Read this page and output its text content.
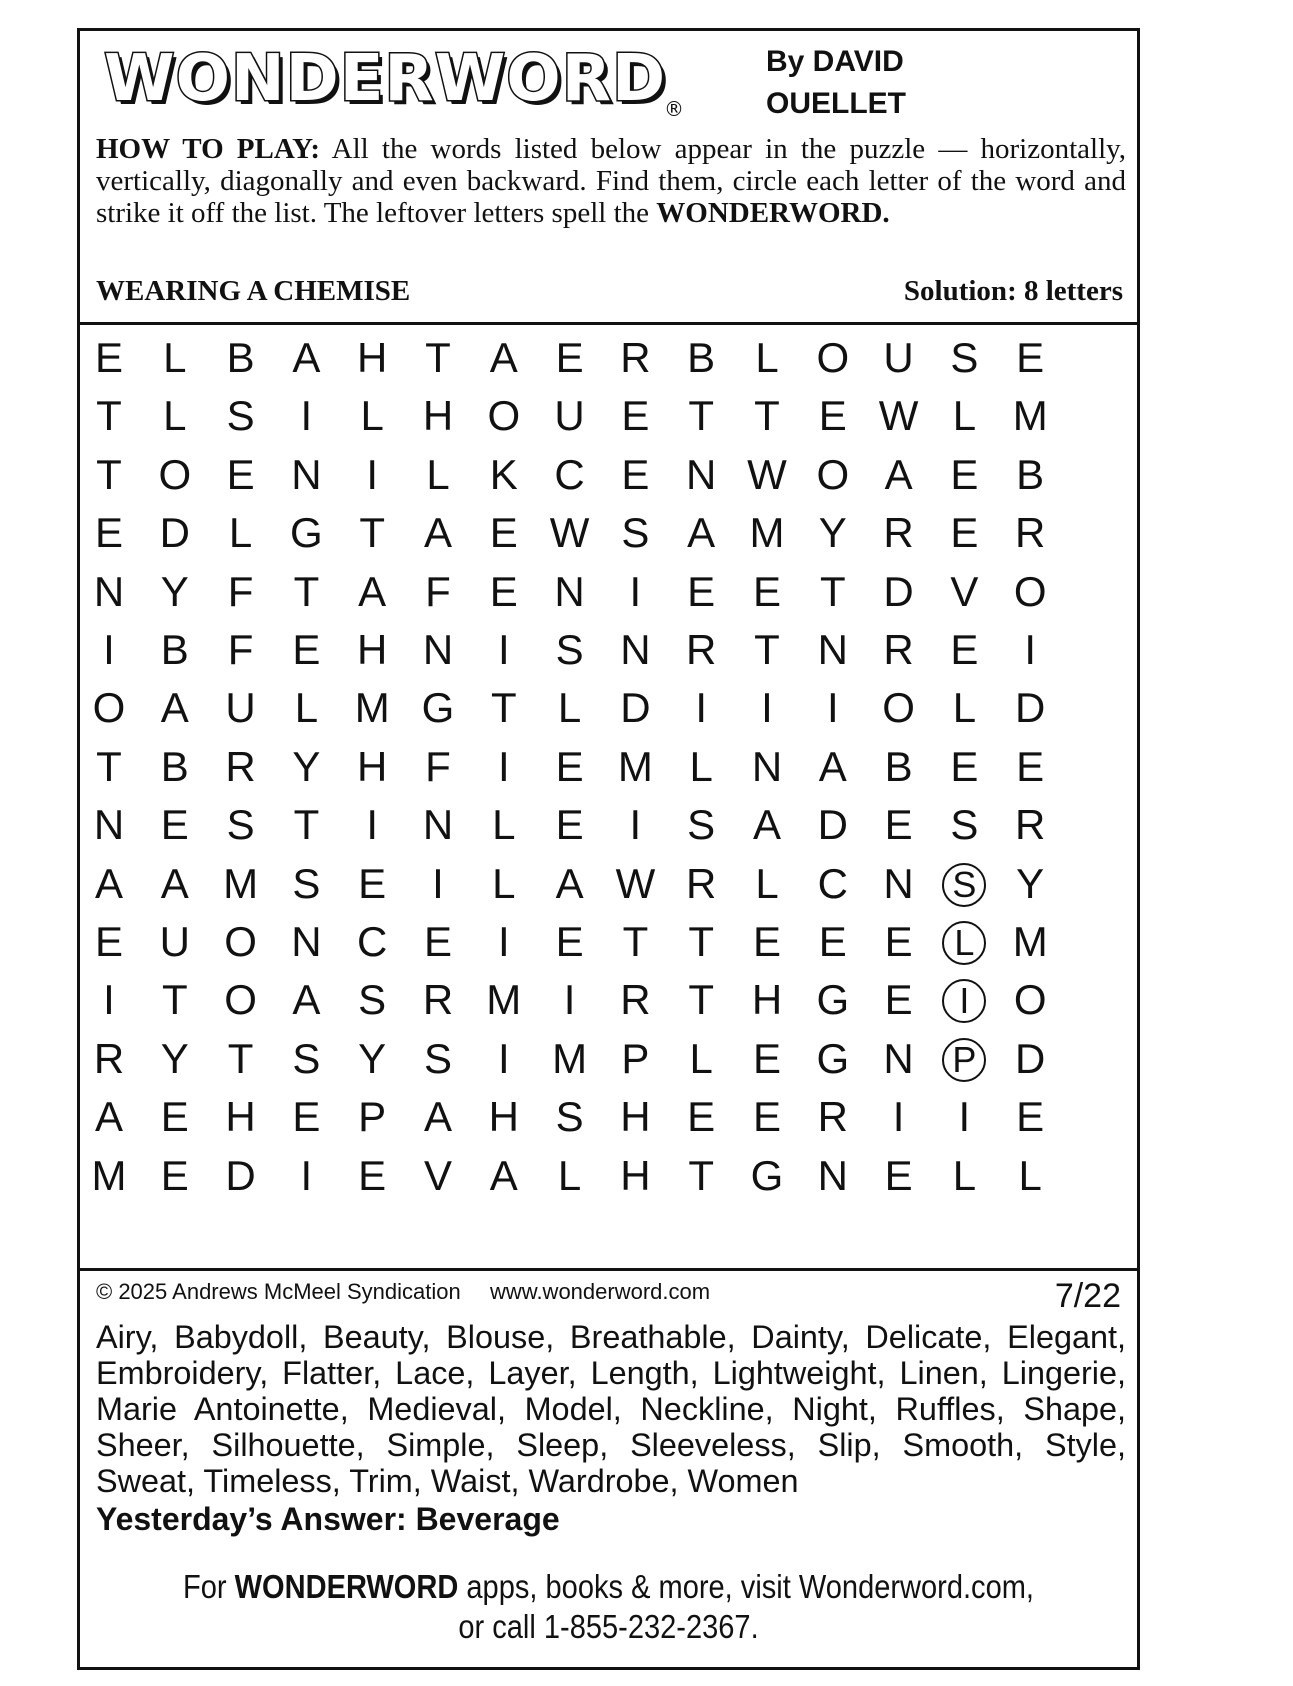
WONDERWORD
®
By DAVID
OUELLET
HOW TO PLAY: All the words listed below appear in the puzzle — horizontally, vertically, diagonally and even backward. Find them, circle each letter of the word and strike it off the list. The leftover letters spell the WONDERWORD.
WEARING A CHEMISE	Solution: 8 letters
E L B A H T A E R B L O U S E
T L S	I	L H O U E T T E W L M
T O E N	I	L K C E N W O A E B
E D L G T A E W S A M Y R E R
N Y F T A F E N	I	E E T D V O
I	B F E H N	I	S N R T N R E	I
O A U L M G T L D	I	I	I	O L D
T B R Y H F	I	E M L N A B E E
N E S T	I	N L E	I	S A D E S R
A A M S E	I	L A W R L C N	S Y
E U O N C E	I	E T T E E E	L M
I	T O A S R M	I	R T H G E	I	O
R Y T S Y S	I	M P L E G N	P D
A E H E P A H S H E E R	I	I	E
M E D	I	E V A L H T G N E L	L
© 2025 Andrews McMeel Syndication www.wonderword.com	7/22
Airy, Babydoll, Beauty, Blouse, Breathable, Dainty, Delicate, Elegant, Embroidery, Flatter, Lace, Layer, Length, Lightweight, Linen, Lingerie, Marie Antoinette, Medieval, Model, Neckline, Night, Ruffles, Shape, Sheer, Silhouette, Simple, Sleep, Sleeveless, Slip, Smooth, Style, Sweat, Timeless, Trim, Waist, Wardrobe, Women
Yesterday’s Answer: Beverage
For WONDERWORD apps, books & more, visit Wonderword.com,
or call 1-855-232-2367.
